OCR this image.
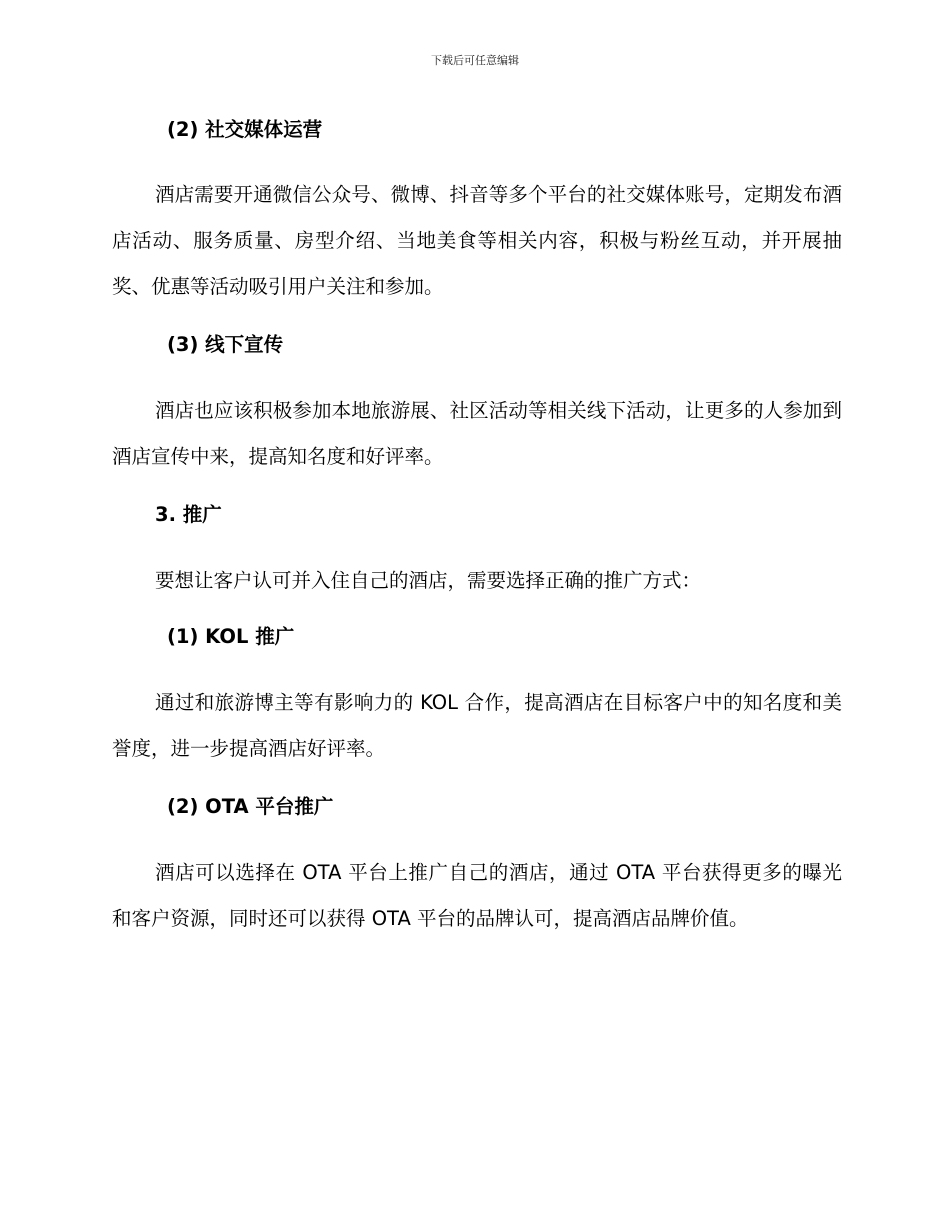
下载后可任意编辑

(2) 社交媒体运营

酒店需要开通微信公众号、微博、抖音等多个平台的社交媒体账号，定期发布酒店活动、服务质量、房型介绍、当地美食等相关内容，积极与粉丝互动，并开展抽奖、优惠等活动吸引用户关注和参加。

(3) 线下宣传

酒店也应该积极参加本地旅游展、社区活动等相关线下活动，让更多的人参加到酒店宣传中来，提高知名度和好评率。

3. 推广

要想让客户认可并入住自己的酒店，需要选择正确的推广方式：

(1) KOL 推广

通过和旅游博主等有影响力的 KOL 合作，提高酒店在目标客户中的知名度和美誉度，进一步提高酒店好评率。

(2) OTA 平台推广

酒店可以选择在 OTA 平台上推广自己的酒店，通过 OTA 平台获得更多的曝光和客户资源，同时还可以获得 OTA 平台的品牌认可，提高酒店品牌价值。
